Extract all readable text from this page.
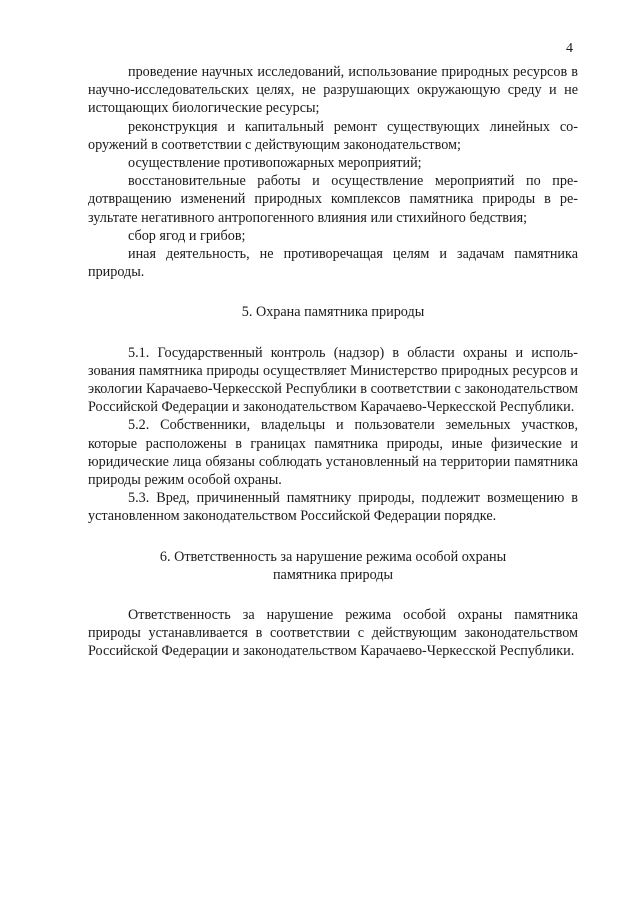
4

проведение научных исследований, использование природных ресурсов в научно-исследовательских целях, не разрушающих окружающую среду и не истощающих биологические ресурсы;

реконструкция и капитальный ремонт существующих линейных сооружений в соответствии с действующим законодательством;

осуществление противопожарных мероприятий;

восстановительные работы и осуществление мероприятий по предотвращению изменений природных комплексов памятника природы в результате негативного антропогенного влияния или стихийного бедствия;

сбор ягод и грибов;

иная деятельность, не противоречащая целям и задачам памятника природы.

5. Охрана памятника природы

5.1. Государственный контроль (надзор) в области охраны и использования памятника природы осуществляет Министерство природных ресурсов и экологии Карачаево-Черкесской Республики в соответствии с законодательством Российской Федерации и законодательством Карачаево-Черкесской Республики.

5.2. Собственники, владельцы и пользователи земельных участков, которые расположены в границах памятника природы, иные физические и юридические лица обязаны соблюдать установленный на территории памятника природы режим особой охраны.

5.3. Вред, причиненный памятнику природы, подлежит возмещению в установленном законодательством Российской Федерации порядке.

6. Ответственность за нарушение режима особой охраны

памятника природы

Ответственность за нарушение режима особой охраны памятника природы устанавливается в соответствии с действующим законодательством Российской Федерации и законодательством Карачаево-Черкесской Республики.
